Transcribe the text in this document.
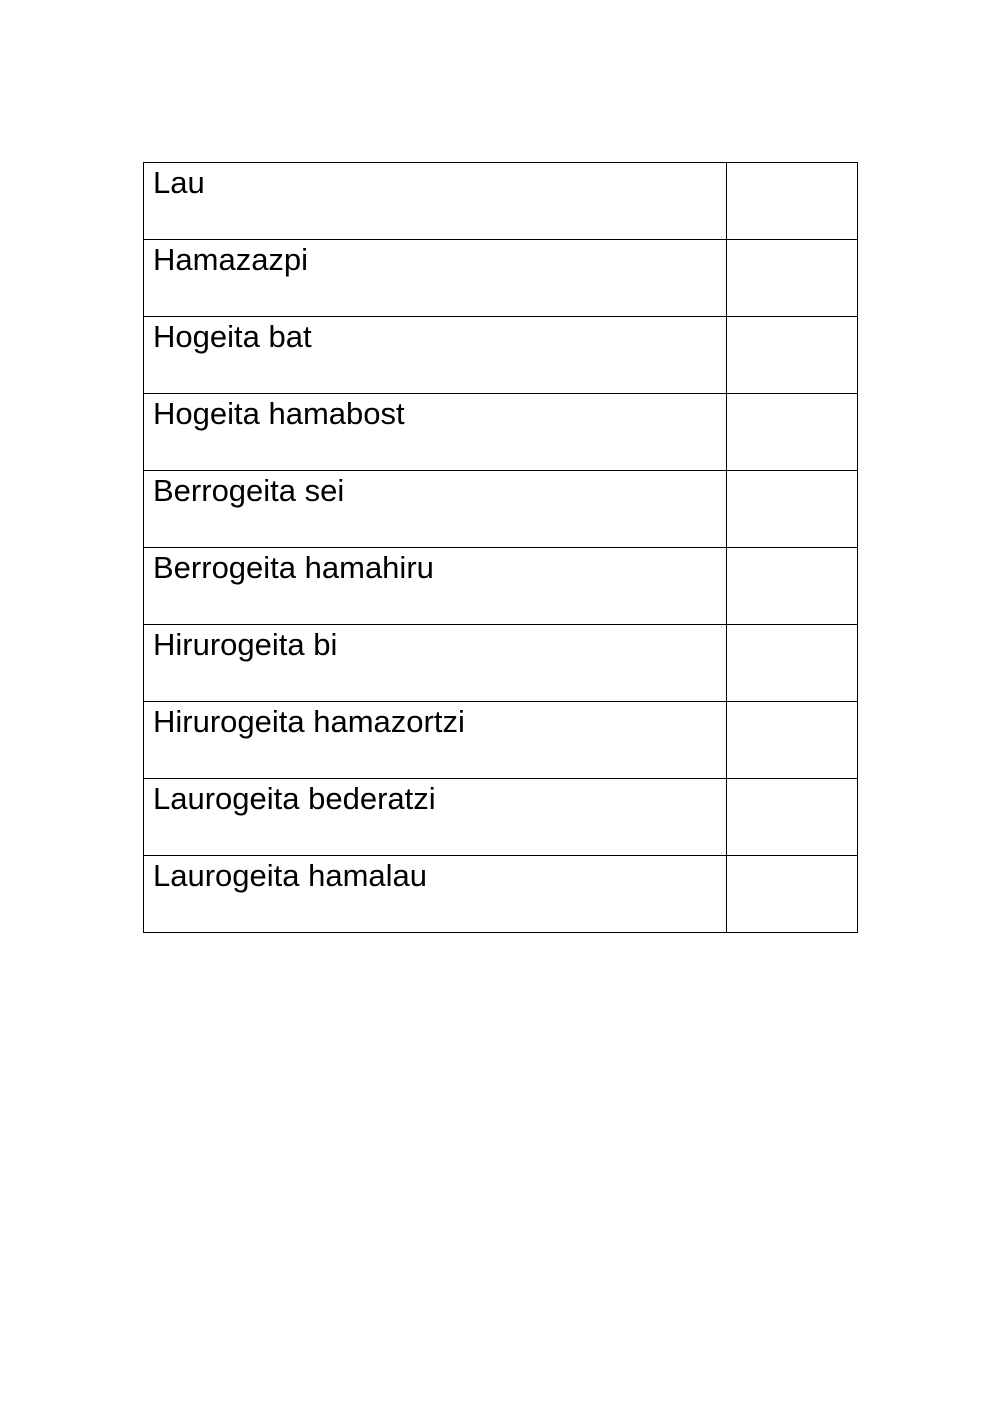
Lau	
Hamazazpi	
Hogeita bat	
Hogeita hamabost	
Berrogeita sei	
Berrogeita hamahiru	
Hirurogeita bi	
Hirurogeita hamazortzi	
Laurogeita bederatzi	
Laurogeita hamalau	
